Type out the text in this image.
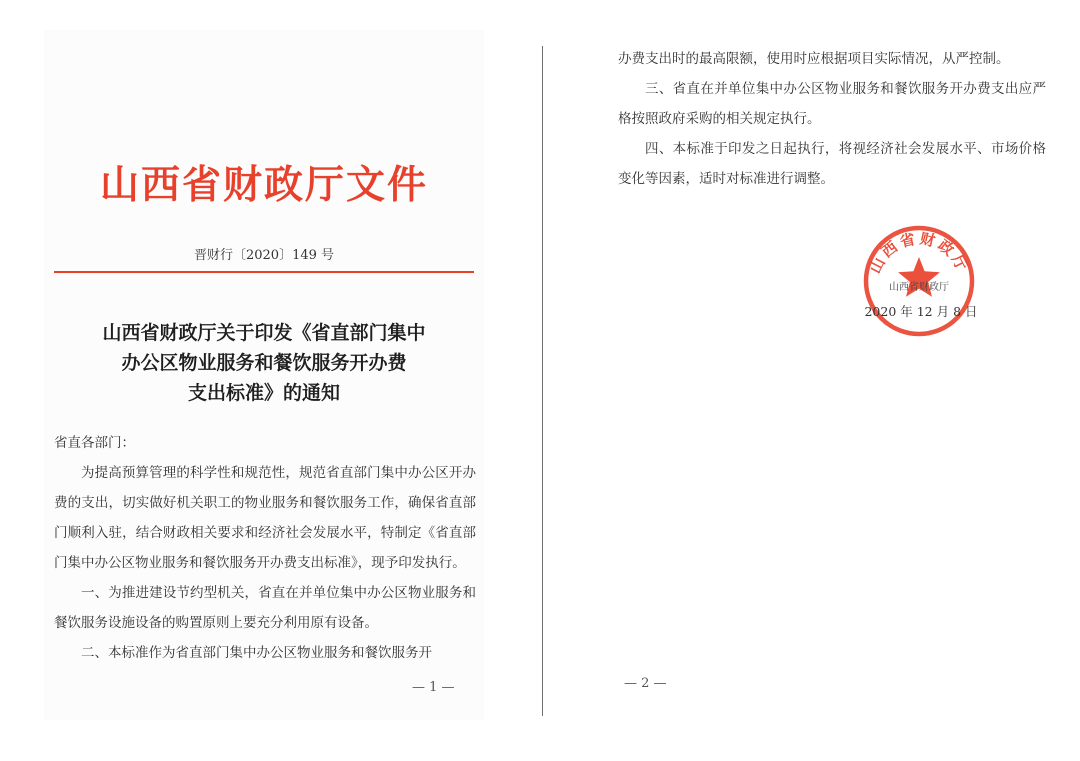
山西省财政厅文件
晋财行〔2020〕149 号
山西省财政厅关于印发《省直部门集中
办公区物业服务和餐饮服务开办费
支出标准》的通知

省直各部门：

为提高预算管理的科学性和规范性，规范省直部门集中办公区开办费的支出，切实做好机关职工的物业服务和餐饮服务工作，确保省直部门顺利入驻，结合财政相关要求和经济社会发展水平，特制定《省直部门集中办公区物业服务和餐饮服务开办费支出标准》，现予印发执行。

一、为推进建设节约型机关，省直在并单位集中办公区物业服务和餐饮服务设施设备的购置原则上要充分利用原有设备。

二、本标准作为省直部门集中办公区物业服务和餐饮服务开

— 1 —

办费支出时的最高限额，使用时应根据项目实际情况，从严控制。

三、省直在并单位集中办公区物业服务和餐饮服务开办费支出应严格按照政府采购的相关规定执行。

四、本标准于印发之日起执行，将视经济社会发展水平、市场价格变化等因素，适时对标准进行调整。

山西省财政厅
山西省财政厅
2020 年 12 月 8 日
— 2 —
